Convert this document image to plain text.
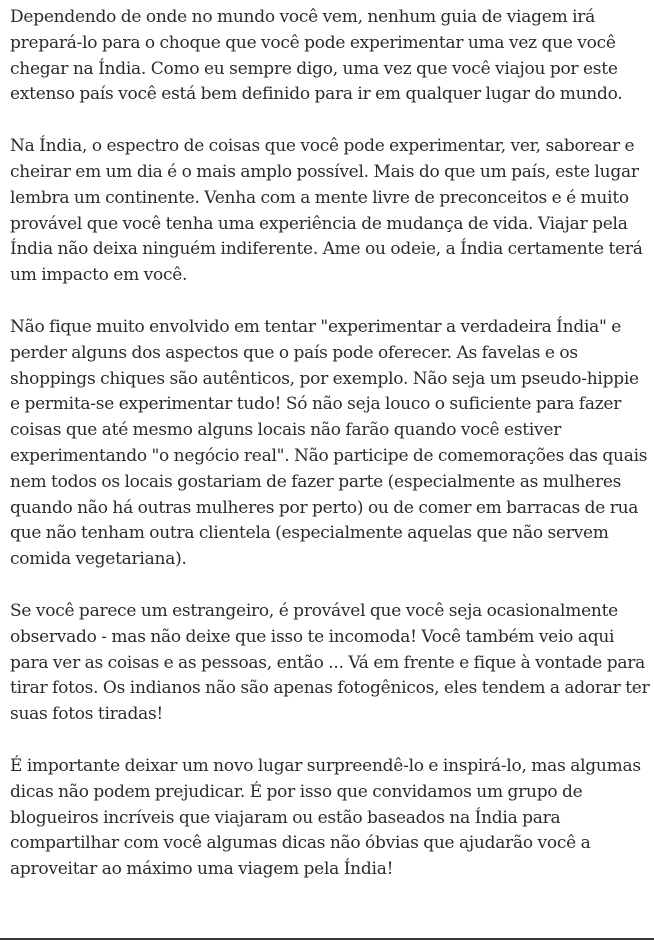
Dependendo de onde no mundo você vem, nenhum guia de viagem irá prepará-lo para o choque que você pode experimentar uma vez que você chegar na Índia. Como eu sempre digo, uma vez que você viajou por este extenso país você está bem definido para ir em qualquer lugar do mundo.

Na Índia, o espectro de coisas que você pode experimentar, ver, saborear e cheirar em um dia é o mais amplo possível. Mais do que um país, este lugar lembra um continente. Venha com a mente livre de preconceitos e é muito provável que você tenha uma experiência de mudança de vida. Viajar pela Índia não deixa ninguém indiferente. Ame ou odeie, a Índia certamente terá um impacto em você.

Não fique muito envolvido em tentar "experimentar a verdadeira Índia" e perder alguns dos aspectos que o país pode oferecer. As favelas e os shoppings chiques são autênticos, por exemplo. Não seja um pseudo-hippie e permita-se experimentar tudo! Só não seja louco o suficiente para fazer coisas que até mesmo alguns locais não farão quando você estiver experimentando "o negócio real". Não participe de comemorações das quais nem todos os locais gostariam de fazer parte (especialmente as mulheres quando não há outras mulheres por perto) ou de comer em barracas de rua que não tenham outra clientela (especialmente aquelas que não servem comida vegetariana).

Se você parece um estrangeiro, é provável que você seja ocasionalmente observado - mas não deixe que isso te incomoda! Você também veio aqui para ver as coisas e as pessoas, então ... Vá em frente e fique à vontade para tirar fotos. Os indianos não são apenas fotogênicos, eles tendem a adorar ter suas fotos tiradas!

É importante deixar um novo lugar surpreendê-lo e inspirá-lo, mas algumas dicas não podem prejudicar. É por isso que convidamos um grupo de blogueiros incríveis que viajaram ou estão baseados na Índia para compartilhar com você algumas dicas não óbvias que ajudarão você a aproveitar ao máximo uma viagem pela Índia!
